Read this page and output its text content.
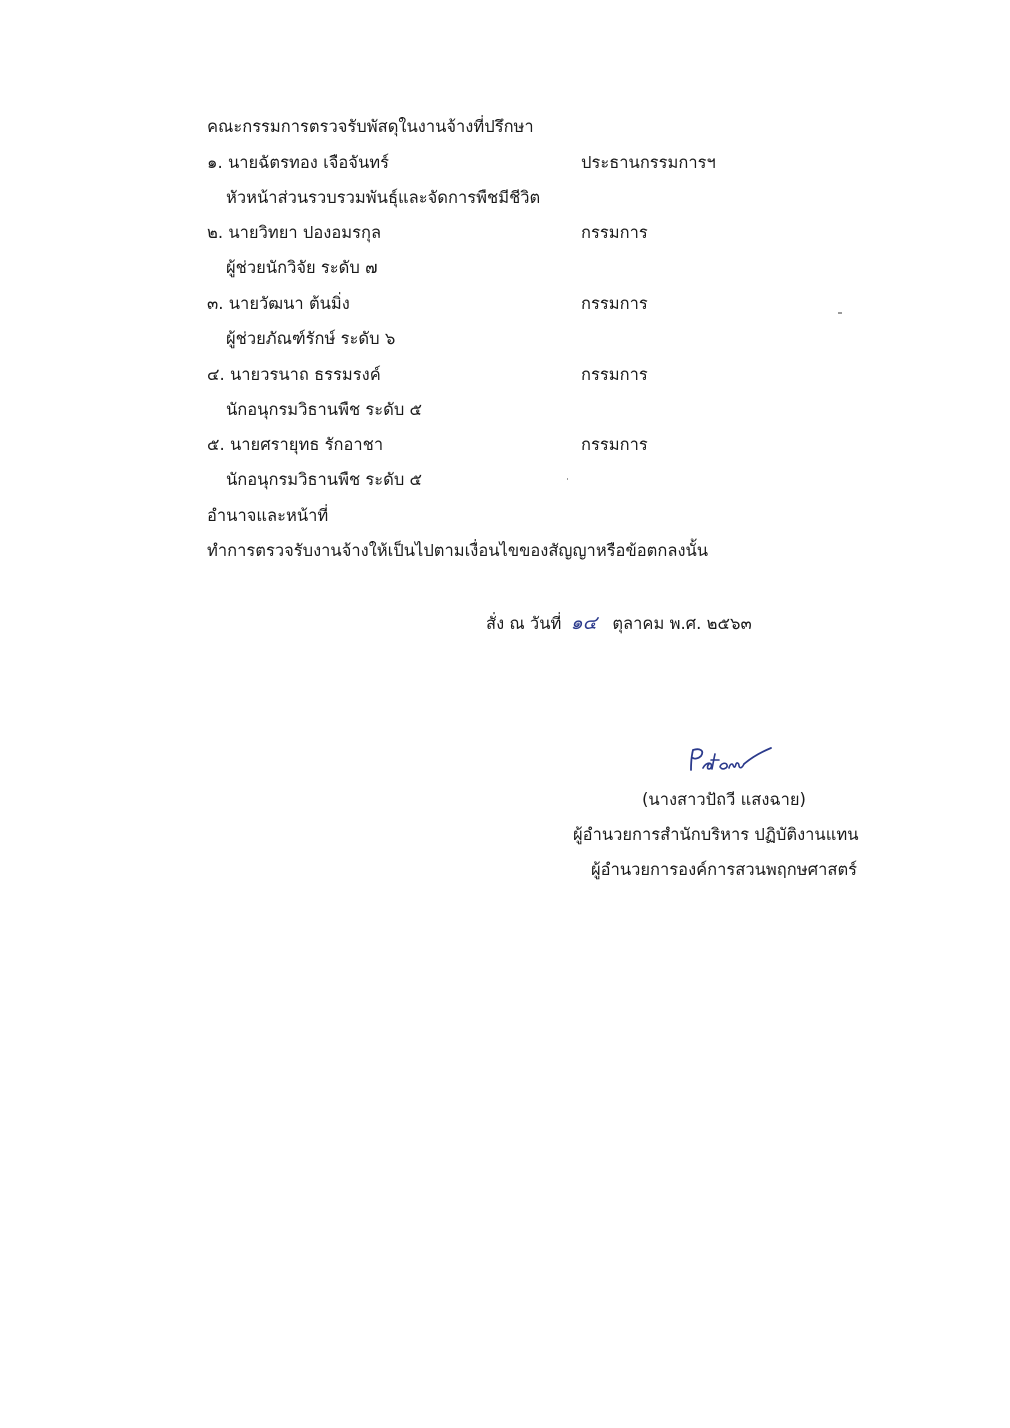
คณะกรรมการตรวจรับพัสดุในงานจ้างที่ปรึกษา
๑. นายฉัตรทอง เจือจันทร์	ประธานกรรมการฯ
หัวหน้าส่วนรวบรวมพันธุ์และจัดการพืชมีชีวิต
๒. นายวิทยา ปองอมรกุล	กรรมการ
ผู้ช่วยนักวิจัย ระดับ ๗
๓. นายวัฒนา ต้นมิ่ง	กรรมการ
ผู้ช่วยภัณฑ์รักษ์ ระดับ ๖
๔. นายวรนาถ ธรรมรงค์	กรรมการ
นักอนุกรมวิธานพืช ระดับ ๕
๕. นายศรายุทธ รักอาชา	กรรมการ
นักอนุกรมวิธานพืช ระดับ ๕
อำนาจและหน้าที่
ทำการตรวจรับงานจ้างให้เป็นไปตามเงื่อนไขของสัญญาหรือข้อตกลงนั้น
สั่ง ณ วันที่ ๑๔ ตุลาคม พ.ศ. ๒๕๖๓
(นางสาวปัถวี แสงฉาย)
ผู้อำนวยการสำนักบริหาร ปฏิบัติงานแทน
ผู้อำนวยการองค์การสวนพฤกษศาสตร์
